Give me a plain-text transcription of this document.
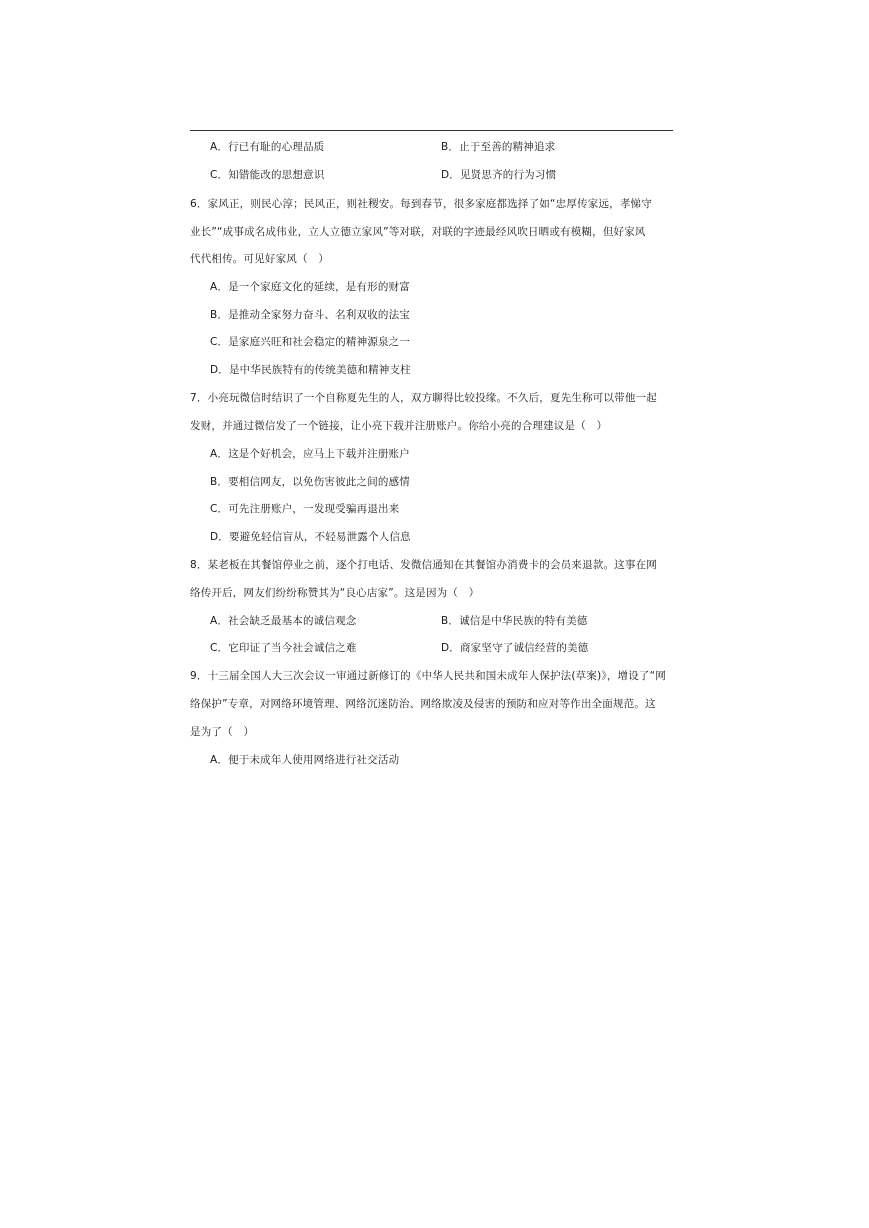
A．行已有耻的心理品质	B．止于至善的精神追求
C．知错能改的思想意识	D．见贤思齐的行为习惯
6．家风正，则民心淳；民风正，则社稷安。每到春节，很多家庭都选择了如“忠厚传家远，孝悌守
业长”“成事成名成伟业，立人立德立家风”等对联，对联的字迹最经风吹日晒或有模糊，但好家风
代代相传。可见好家风（　）
A．是一个家庭文化的延续，是有形的财富
B．是推动全家努力奋斗、名利双收的法宝
C．是家庭兴旺和社会稳定的精神源泉之一
D．是中华民族特有的传统美德和精神支柱
7．小亮玩微信时结识了一个自称夏先生的人，双方聊得比较投缘。不久后，夏先生称可以带他一起
发财，并通过微信发了一个链接，让小亮下载并注册账户。你给小亮的合理建议是（　）
A．这是个好机会，应马上下载并注册账户
B．要相信网友，以免伤害彼此之间的感情
C．可先注册账户，一发现受骗再退出来
D．要避免轻信盲从，不轻易泄露个人信息
8．某老板在其餐馆停业之前，逐个打电话、发微信通知在其餐馆办消费卡的会员来退款。这事在网
络传开后，网友们纷纷称赞其为“良心店家”。这是因为（　）
A．社会缺乏最基本的诚信观念	B．诚信是中华民族的特有美德
C．它印证了当今社会诚信之难	D．商家坚守了诚信经营的美德
9．十三届全国人大三次会议一审通过新修订的《中华人民共和国未成年人保护法(草案)》，增设了“网
络保护”专章，对网络环境管理、网络沉迷防治、网络欺凌及侵害的预防和应对等作出全面规范。这
是为了（　）
A．便于未成年人使用网络进行社交活动
